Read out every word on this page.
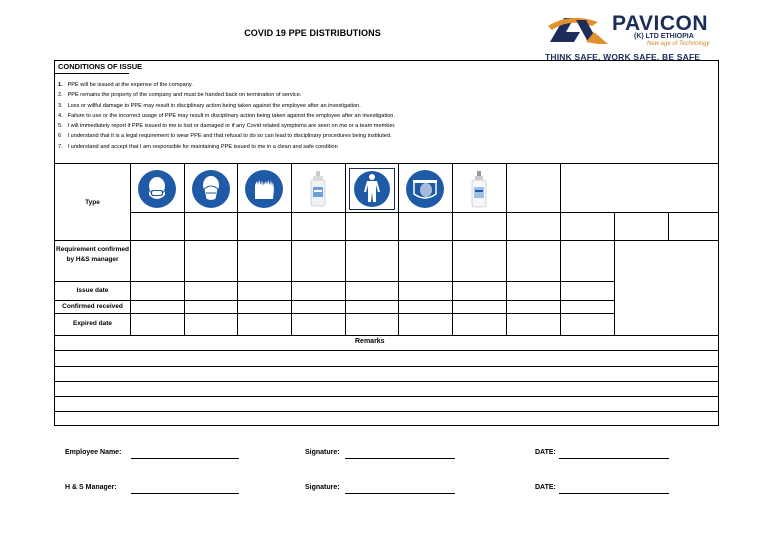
COVID 19 PPE DISTRIBUTIONS	PAVICON
(K) LTD ETHIOPIA
New age of Technology
THINK SAFE, WORK SAFE, BE SAFE
CONDITIONS OF ISSUE
1. PPE will be issued at the expense of the company.
2. PPE remains the property of the company and must be handed back on termination of service.
3. Loss or willful damage to PPE may result in disciplinary action being taken against the employee after an investigation.
4. Failure to use or the incorrect usage of PPE may result in disciplinary action being taken against the employee after an investigation.
5. I will immediately report if PPE issued to me is lost or damaged or if any Covid related symptoms are seen on me or a team member.
6 I understand that it is a legal requirement to wear PPE and that refusal to do so can lead to disciplinary procedures being instituted.
7. I understand and accept that I am responsible for maintaining PPE issued to me in a clean and safe condition
Type
Requirement confirmed by H&S manager
Issue date
Confirmed received
Expired date
Remarks
Employee Name:	Signature:	DATE:
H & S Manager:	Signature:	DATE:
